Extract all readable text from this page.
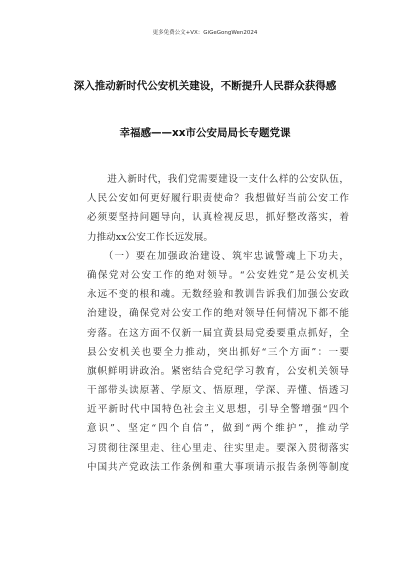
更多免费公文+VX：GiGeGongWen2024
深入推动新时代公安机关建设，不断提升人民群众获得感
幸福感——xx市公安局局长专题党课
　　进入新时代，我们党需要建设一支什么样的公安队伍，
人民公安如何更好履行职责使命？我想做好当前公安工作
必须要坚持问题导向，认真检视反思，抓好整改落实，着
力推动xx公安工作长远发展。
　　（一）要在加强政治建设、筑牢忠诚警魂上下功夫，
确保党对公安工作的绝对领导。“公安姓党”是公安机关
永远不变的根和魂。无数经验和教训告诉我们加强公安政
治建设，确保党对公安工作的绝对领导任何情况下都不能
旁落。在这方面不仅新一届宜黄县局党委要重点抓好，全
县公安机关也要全力推动，突出抓好“三个方面”：一要
旗帜鲜明讲政治。紧密结合党纪学习教育，公安机关领导
干部带头读原著、学原文、悟原理，学深、弄懂、悟透习
近平新时代中国特色社会主义思想，引导全警增强“四个
意识”、坚定“四个自信”，做到“两个维护”，推动学
习贯彻往深里走、往心里走、往实里走。要深入贯彻落实
中国共产党政法工作条例和重大事项请示报告条例等制度
